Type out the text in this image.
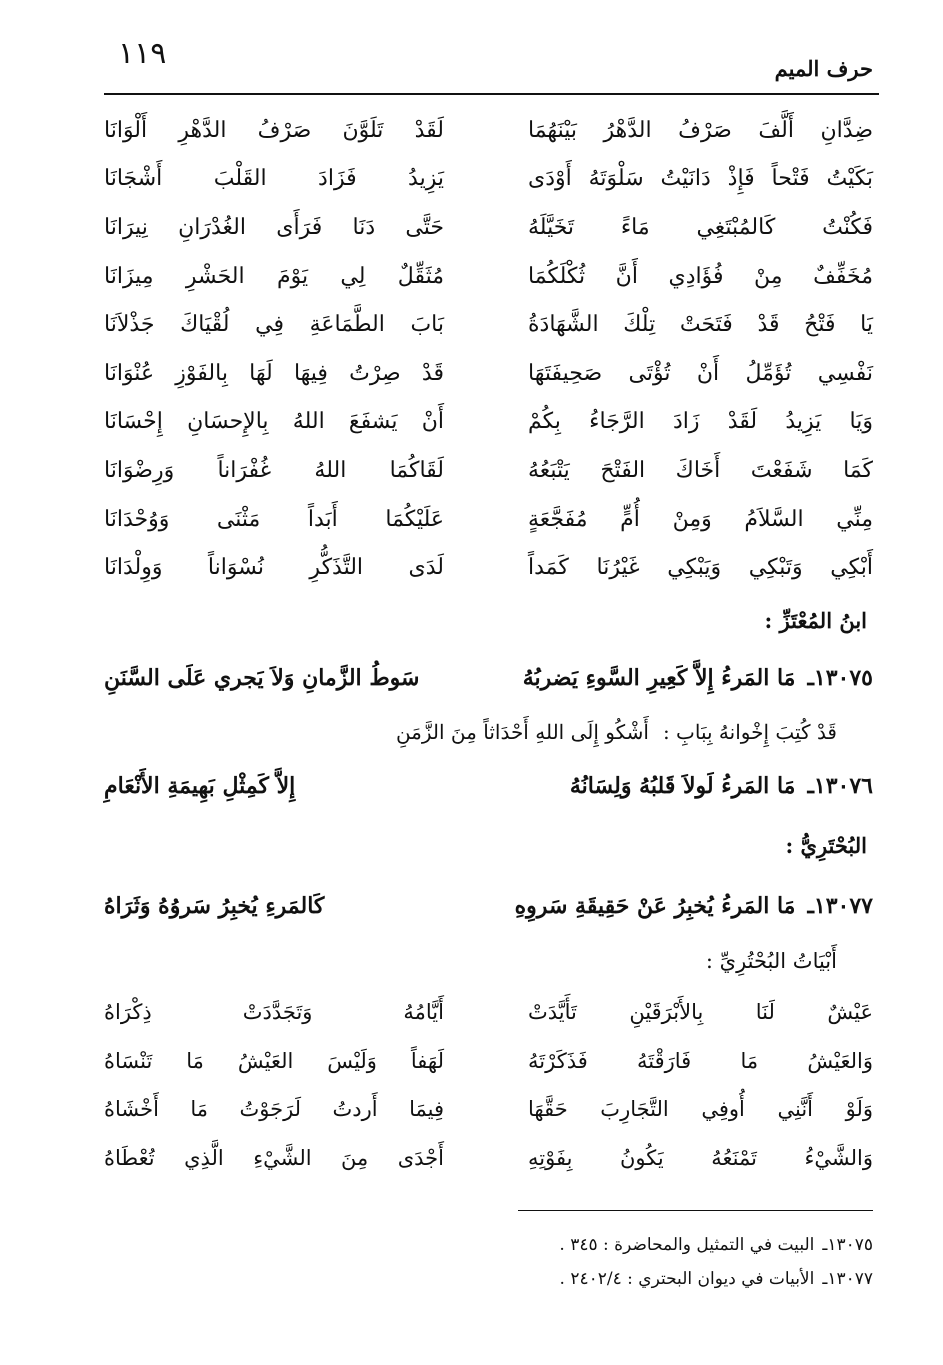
١١٩	حرف الميم
ضِدَّانِ أَلَّفَ صَرْفُ الدَّهْرُ بَيْنَهُمَا
لَقَدْ تَلَوَّنَ صَرْفُ الدَّهْرِ أَلْوَانَا
بَكَيْتُ فَتْحاً فَإِذْ دَانَيْتُ سَلْوَتَهُ أَوْدَى
يَزِيدُ فَزَادَ القَلْبَ أَشْجَانَا
فَكُنْتُ كَالمُبْتَغِي مَاءً تَخَيَّلَهُ
حَتَّى دَنَا فَرَأَى الغُدْرَانِ نِيرَانَا
مُخَفِّفٌ مِنْ فُؤَادِي أَنَّ ثُكْلَكُمَا
مُثَقِّلٌ لِي يَوْمَ الحَشْرِ مِيزَانَا
يَا فَتْحُ قَدْ فَتَحَتْ تِلْكَ الشَّهَادَةُ
بَابَ الطَّمَاعَةِ فِي لُقْيَاكَ جَذْلاَنَا
نَفْسِي تُؤَمِّلُ أَنْ تُؤْتَى صَحِيفَتَهَا
قَدْ صِرْتُ فِيهَا لَهَا بِالفَوْزِ عُنْوَانَا
وَيَا يَزِيدُ لَقَدْ زَادَ الرَّجَاءُ بِكُمْ
أَنْ يَشفَعَ اللهُ بِالإِحسَانِ إِحْسَانَا
كَمَا شَفَعْتَ أَخَاكَ الفَتْحَ يَتْبَعُهُ
لَقَاكُمَا اللهُ غُفْرَاناً وَرِضْوَانَا
مِنِّي السَّلاَمُ وَمِنْ أُمٍّ مُفَجَّعَةٍ
عَلَيْكُمَا أَبَداً مَثْنَى وَوُحْدَانَا
أَبْكِي وَتَبْكِي وَيَبْكِي غَيْرُنَا كَمَداً
لَدَى التَّذَكُّرِ نُسْوَاناً وَوِلْدَانَا
ابنُ المُعْتَزِّ :
١٣٠٧٥ـ
مَا المَرءُ إِلاَّ كَعِيرِ السَّوءِ يَضربُهُ
سَوطُ الزَّمانِ وَلاَ يَجري عَلَى السَّنَنِ
قَدْ كُتِبَ إِخْوانهُ بِبَابِ :
أَشْكُو إِلَى اللهِ أَحْدَاثاً مِنَ الزَّمَنِ
١٣٠٧٦ـ
مَا المَرءُ لَولاَ قَلبُهُ وَلِسَانُهُ
إِلاَّ كَمِثْلِ بَهِيمَةِ الأَنْعَامِ
البُحْتَرِيُّ :
١٣٠٧٧ـ
مَا المَرءُ يُخبِرُ عَنْ حَقِيقَةِ سَروِهِ
كَالمَرءِ يُخبِرُ سَروُهُ وَثَرَاهُ
أَبْيَاتُ البُحْتُرِيِّ :
عَيْشٌ لَنَا بِالأَبْرَقَيْنِ تَأَيَّدَتْ
أَيَّامُهُ وَتَجَدَّدَتْ ذِكْرَاهُ
وَالعَيْشُ مَا فَارَقْتَهُ فَذَكَرْتَهُ
لَهَفاً وَلَيْسَ العَيْشُ مَا تَنْسَاهُ
وَلَوْ أَنَّنِي أُوفِي التَّجَارِبَ حَقَّهَا
فِيمَا أَردتُ لَرَجَوْتُ مَا أَخْشَاهُ
وَالشَّيْءُ تَمْنَعُهُ يَكُونُ بِفَوْتِهِ
أَجْدَى مِنَ الشَّيْءِ الَّذِي تُعْطَاهُ
١٣٠٧٥ـ
البيت في التمثيل والمحاضرة : ٣٤٥ .
١٣٠٧٧ـ
الأبيات في ديوان البحتري : ٢٤٠٢/٤ .
